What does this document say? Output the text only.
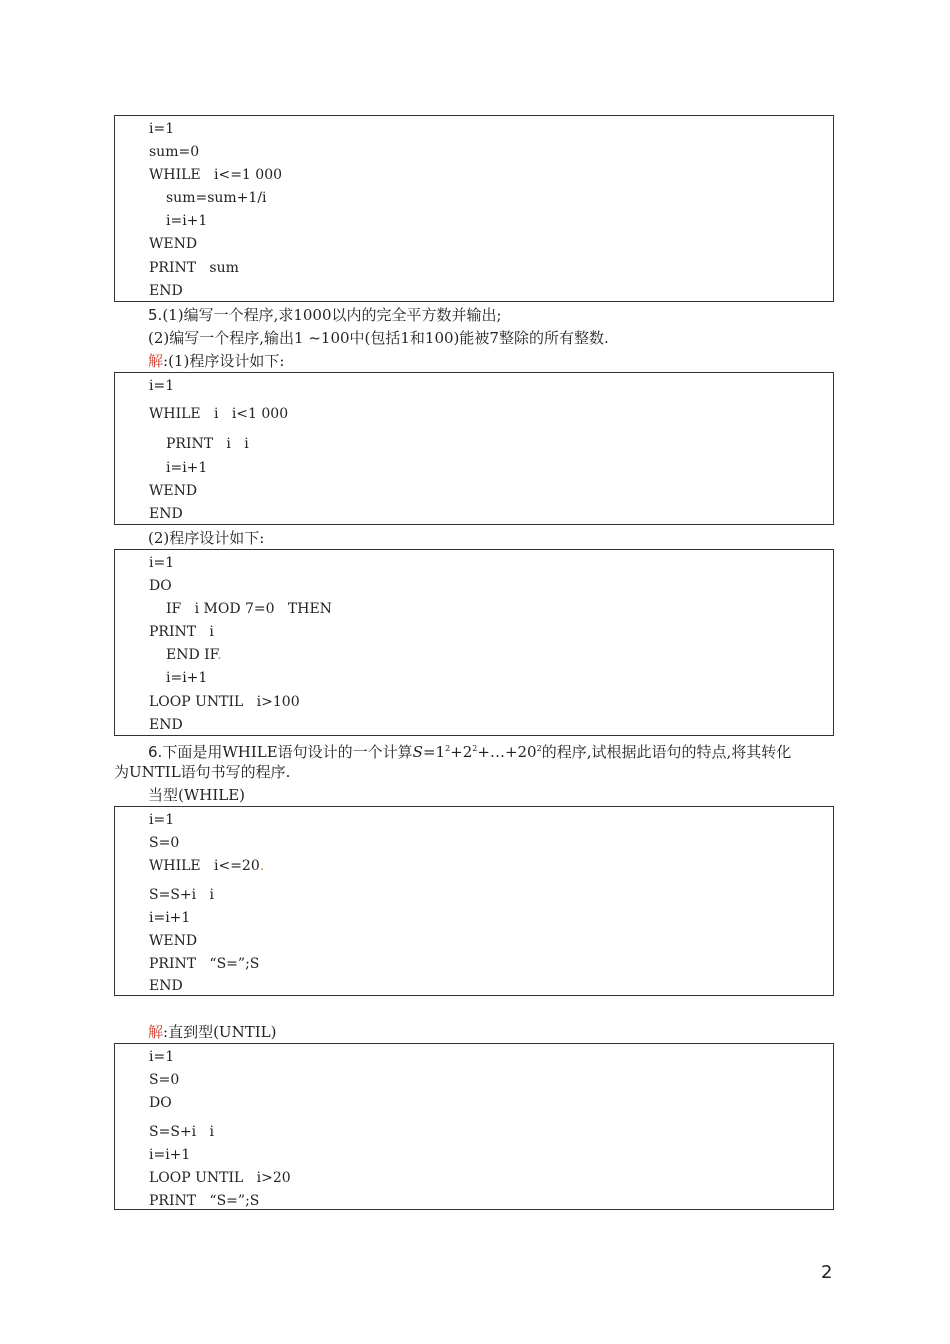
i=1
sum=0
WHILE   i<=1 000
sum=sum+1/i
i=i+1
WEND
PRINT   sum
END
5.(1)编写一个程序,求1000以内的完全平方数并输出;
(2)编写一个程序,输出1 ~100中(包括1和100)能被7整除的所有整数.
解:(1)程序设计如下:
i=1
WHILE   i   i<1 000
PRINT   i   i
i=i+1
WEND
END
(2)程序设计如下:
i=1
DO
IF   i MOD 7=0   THEN
PRINT   i
END IF.
i=i+1
LOOP UNTIL   i>100
END
6.下面是用WHILE语句设计的一个计算$S=1^2+2^2+\dots+20^2$的程序,试根据此语句的特点,将其转化
为UNTIL语句书写的程序.
当型(WHILE)
i=1
S=0
WHILE   i<=20.
S=S+i   i
i=i+1
WEND
PRINT   “S=”;S
END
解:直到型(UNTIL)
i=1
S=0
DO
S=S+i   i
i=i+1
LOOP UNTIL   i>20
PRINT   “S=”;S
2
